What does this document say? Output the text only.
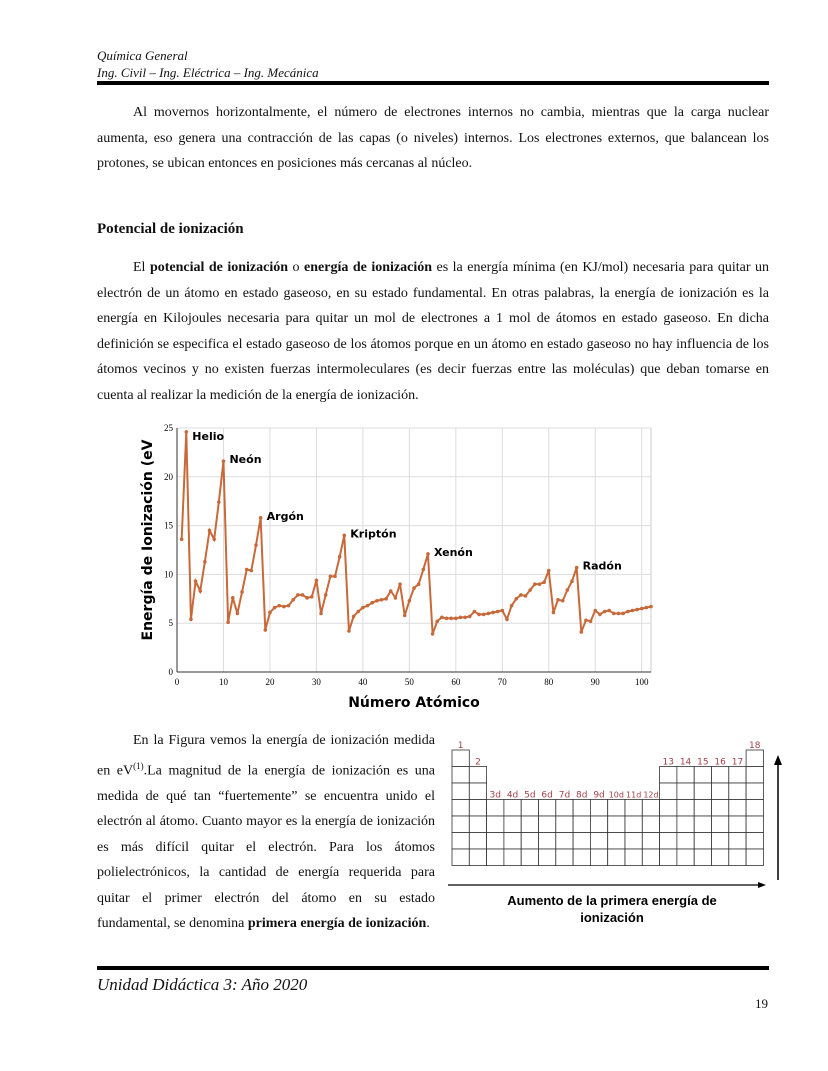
Química General
Ing. Civil – Ing. Eléctrica – Ing. Mecánica

Al movernos horizontalmente, el número de electrones internos no cambia, mientras que la carga nuclear aumenta, eso genera una contracción de las capas (o niveles) internos. Los electrones externos, que balancean los protones, se ubican entonces en posiciones más cercanas al núcleo.

Potencial de ionización

El potencial de ionización o energía de ionización es la energía mínima (en KJ/mol) necesaria para quitar un electrón de un átomo en estado gaseoso, en su estado fundamental. En otras palabras, la energía de ionización es la energía en Kilojoules necesaria para quitar un mol de electrones a 1 mol de átomos en estado gaseoso. En dicha definición se especifica el estado gaseoso de los átomos porque en un átomo en estado gaseoso no hay influencia de los átomos vecinos y no existen fuerzas intermoleculares (es decir fuerzas entre las moléculas) que deban tomarse en cuenta al realizar la medición de la energía de ionización.

0	10	20	30	40	50	60	70	80	90	100
0
5
10
15
20
25
Helio
Neón
Argón
Kriptón
Xenón
Radón
Número Atómico
Energía de Ionización (eV

En la Figura vemos la energía de ionización medida en $eV^{(1)}.La$ magnitud de la energía de ionización es una medida de qué tan “fuertemente” se encuentra unido el electrón al átomo. Cuanto mayor es la energía de ionización es más difícil quitar el electrón. Para los átomos polielectrónicos, la cantidad de energía requerida para quitar el primer electrón del átomo en su estado fundamental, se denomina primera energía de ionización.

1
2
3d 4d 5d 6d 7d 8d 9d 10d 11d 12d
13 14 15 16 17
18
Aumento de la primera energía de
ionización
Unidad Didáctica 3: Año 2020
19
